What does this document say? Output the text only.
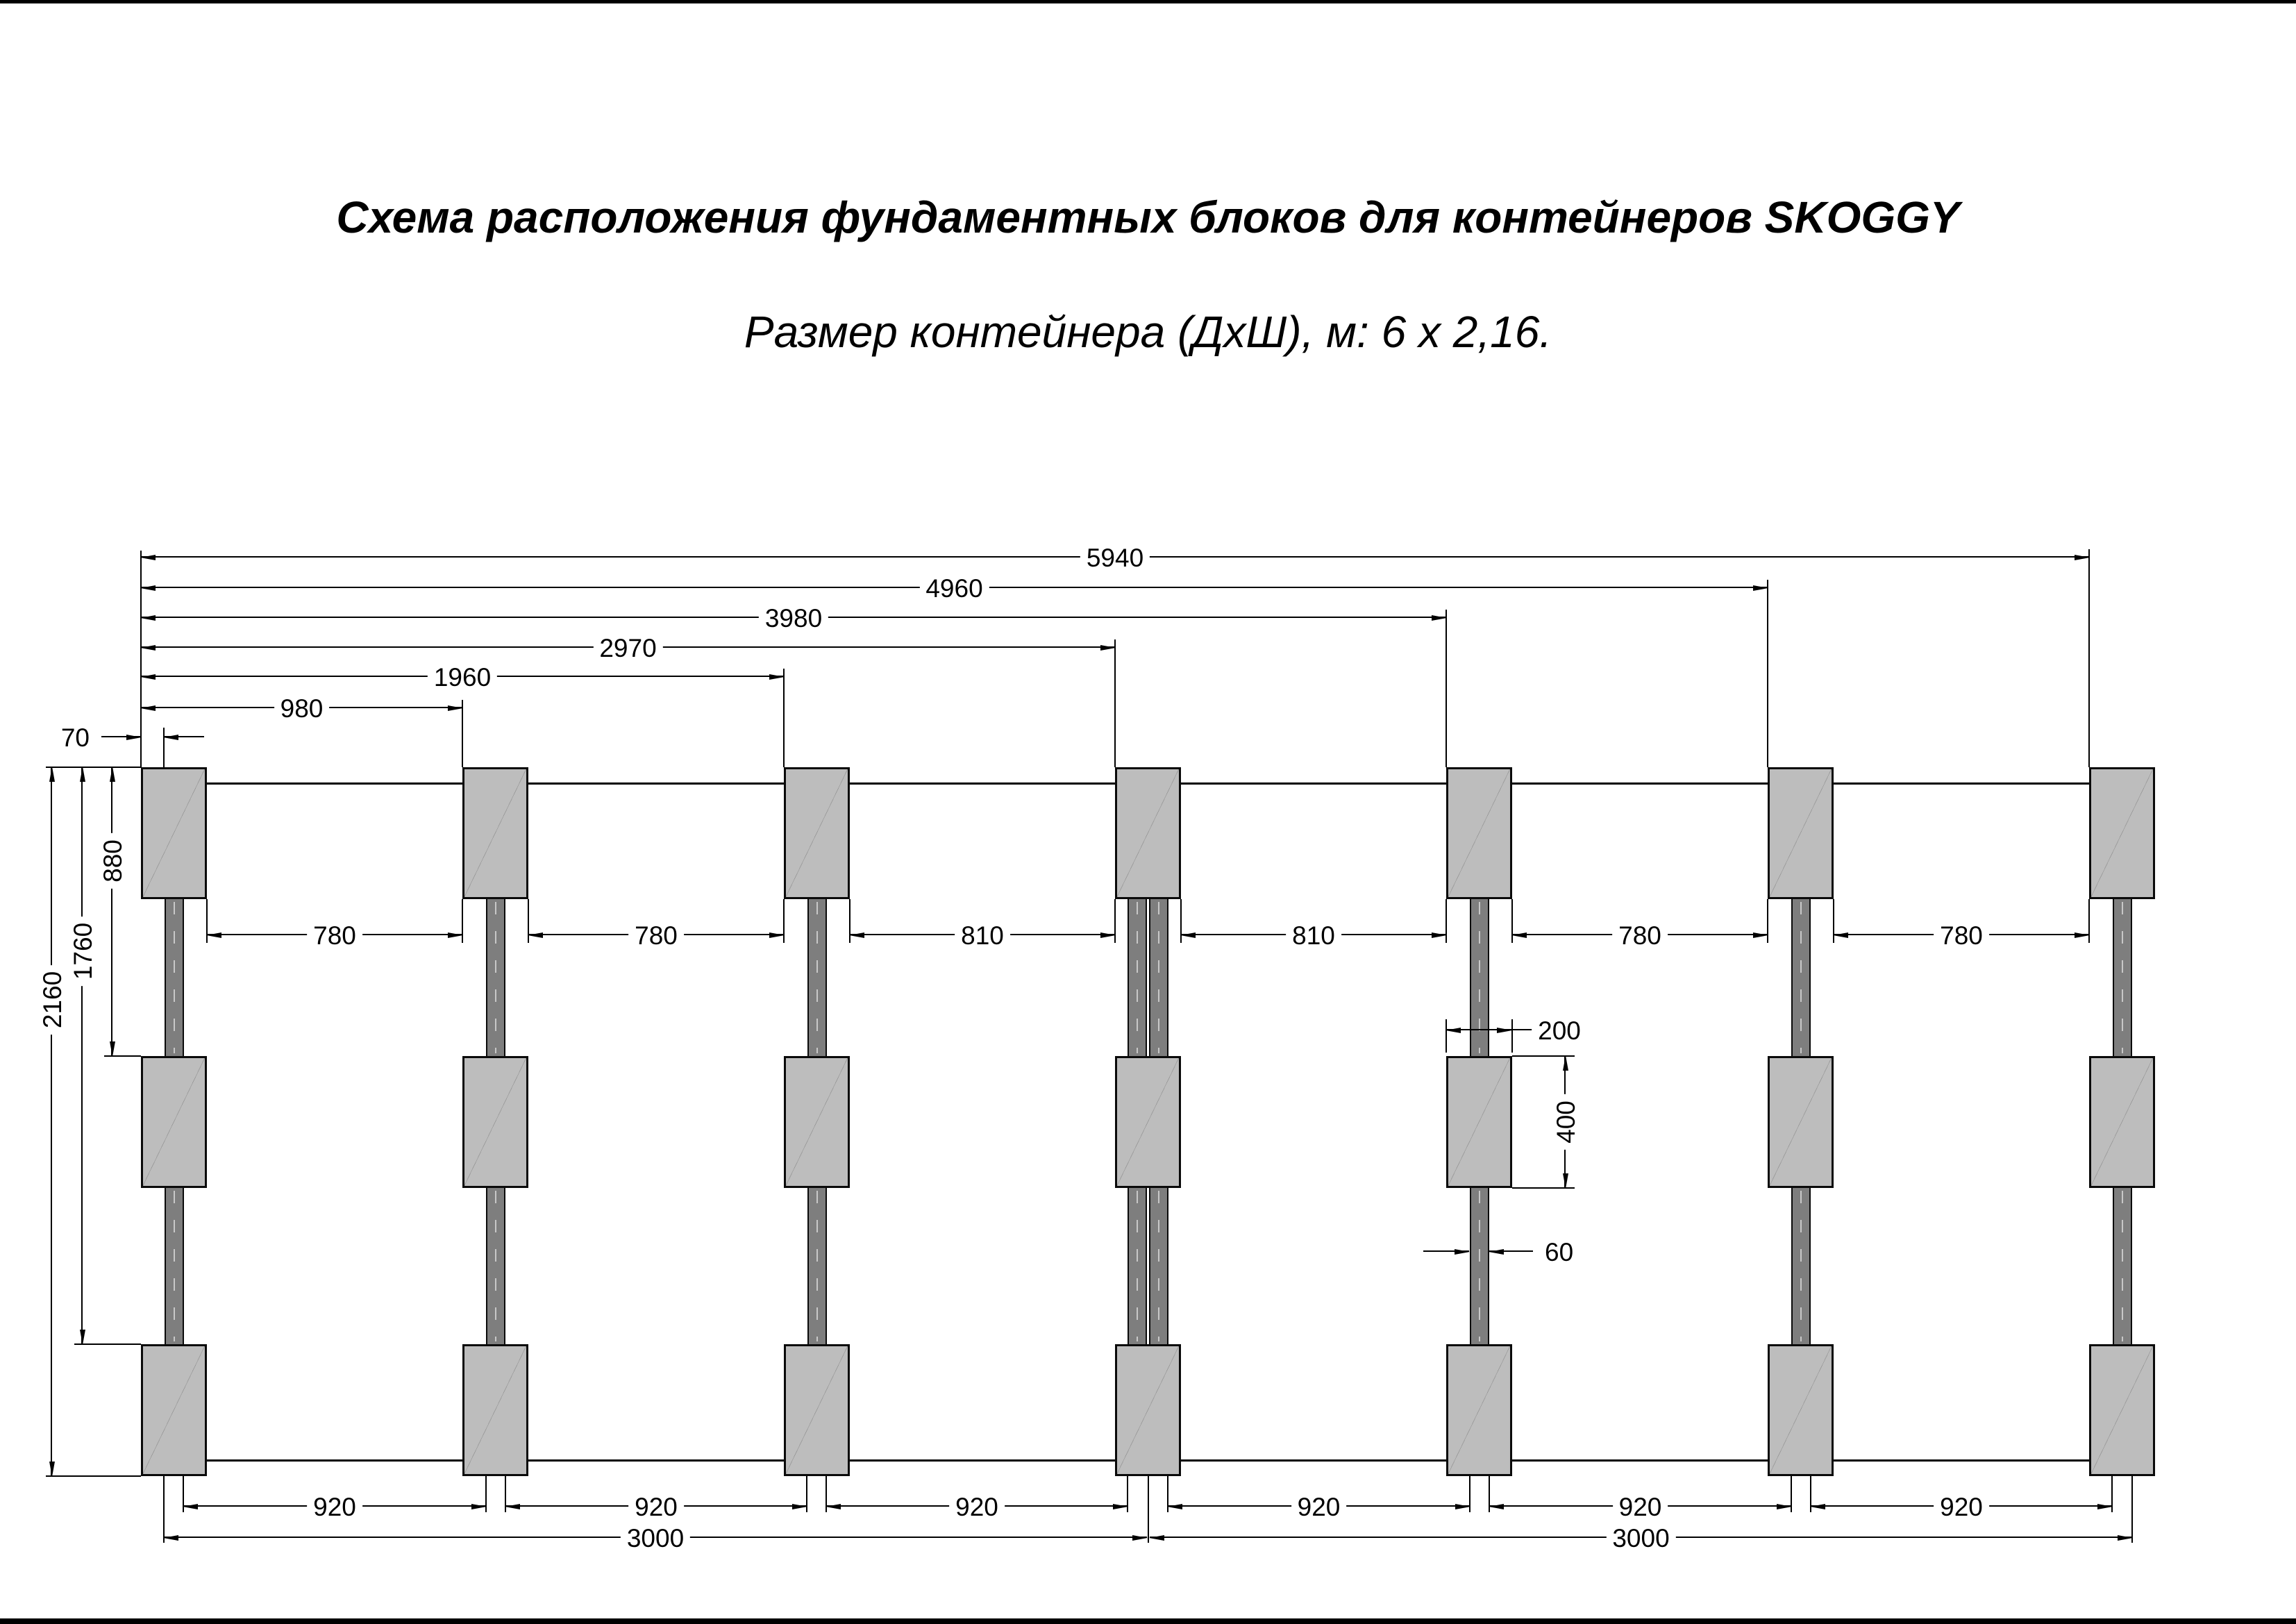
Схема расположения фундаментных блоков для контейнеров SKOGGY
Размер контейнера (ДхШ), м: 6 х 2,16.
5940
4960
3980
2970
1960
980
70
2160
1760
880
780	780	810	810	780	780
200
400
60
920	920	920	920	920	920
3000	3000
